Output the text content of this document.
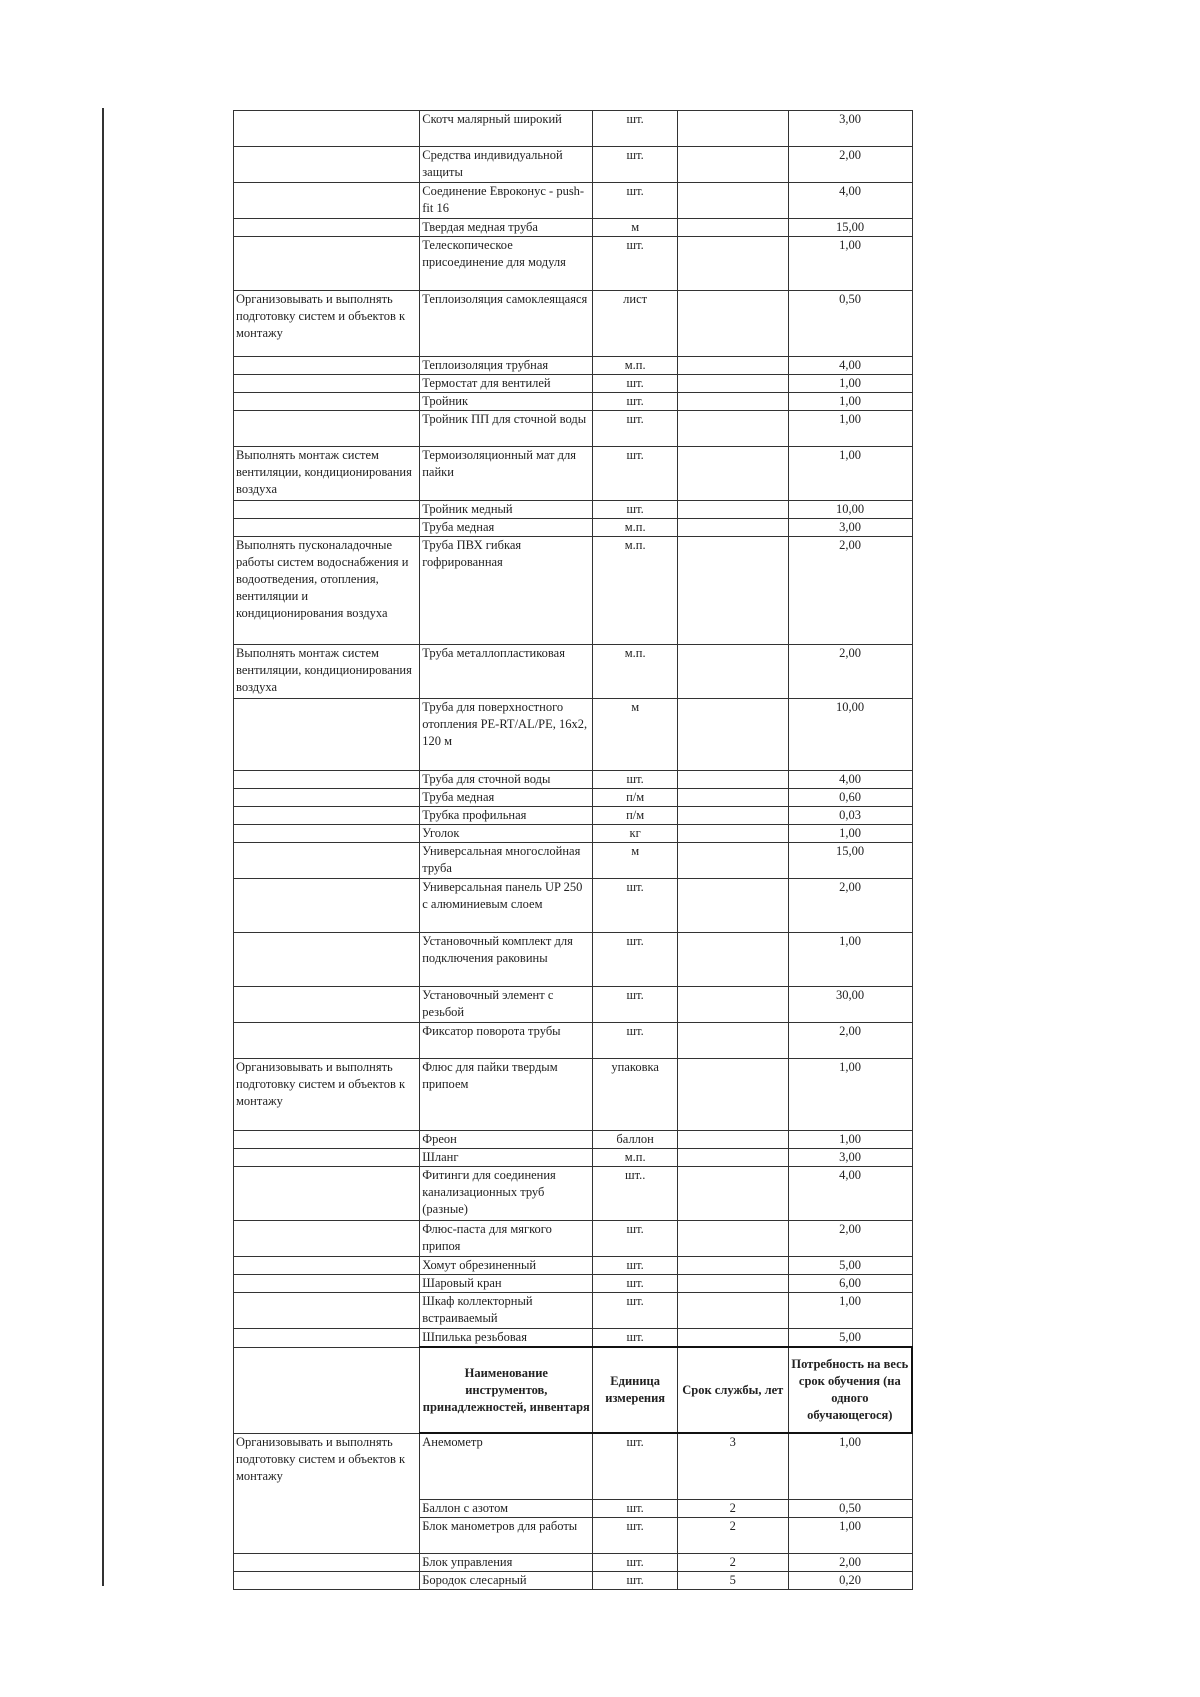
	Скотч малярный широкий	шт.		3,00
	Средства индивидуальной защиты	шт.		2,00
	Соединение Евроконус - push-fit 16	шт.		4,00
	Твердая медная труба	м		15,00
	Телескопическое присоединение для модуля	шт.		1,00
Организовывать и выполнять подготовку систем и объектов к монтажу	Теплоизоляция самоклеящаяся	лист		0,50
	Теплоизоляция трубная	м.п.		4,00
	Термостат для вентилей	шт.		1,00
	Тройник	шт.		1,00
	Тройник ПП для сточной воды	шт.		1,00
Выполнять монтаж систем вентиляции, кондиционирования воздуха	Термоизоляционный мат для пайки	шт.		1,00
	Тройник медный	шт.		10,00
	Труба медная	м.п.		3,00
Выполнять пусконаладочные работы систем водоснабжения и водоотведения, отопления, вентиляции и кондиционирования воздуха	Труба ПВХ гибкая гофрированная	м.п.		2,00
Выполнять монтаж систем вентиляции, кондиционирования воздуха	Труба металлопластиковая	м.п.		2,00
	Труба для поверхностного отопления PE-RT/AL/PE, 16x2, 120 м	м		10,00
	Труба для сточной воды	шт.		4,00
	Труба медная	п/м		0,60
	Трубка профильная	п/м		0,03
	Уголок	кг		1,00
	Универсальная многослойная труба	м		15,00
	Универсальная панель UP 250 с алюминиевым слоем	шт.		2,00
	Установочный комплект для подключения раковины	шт.		1,00
	Установочный элемент с резьбой	шт.		30,00
	Фиксатор поворота трубы	шт.		2,00
Организовывать и выполнять подготовку систем и объектов к монтажу	Флюс для пайки твердым припоем	упаковка		1,00
	Фреон	баллон		1,00
	Шланг	м.п.		3,00
	Фитинги для соединения канализационных труб (разные)	шт..		4,00
	Флюс-паста для мягкого припоя	шт.		2,00
	Хомут обрезиненный	шт.		5,00
	Шаровый кран	шт.		6,00
	Шкаф коллекторный встраиваемый	шт.		1,00
	Шпилька резьбовая	шт.		5,00
	Наименование инструментов, принадлежностей, инвентаря	Единица измерения	Срок службы, лет	Потребность на весь срок обучения (на одного обучающегося)
Организовывать и выполнять подготовку систем и объектов к монтажу	Анемометр	шт.	3	1,00
	Баллон с азотом	шт.	2	0,50
	Блок манометров для работы	шт.	2	1,00
	Блок управления	шт.	2	2,00
	Бородок слесарный	шт.	5	0,20
